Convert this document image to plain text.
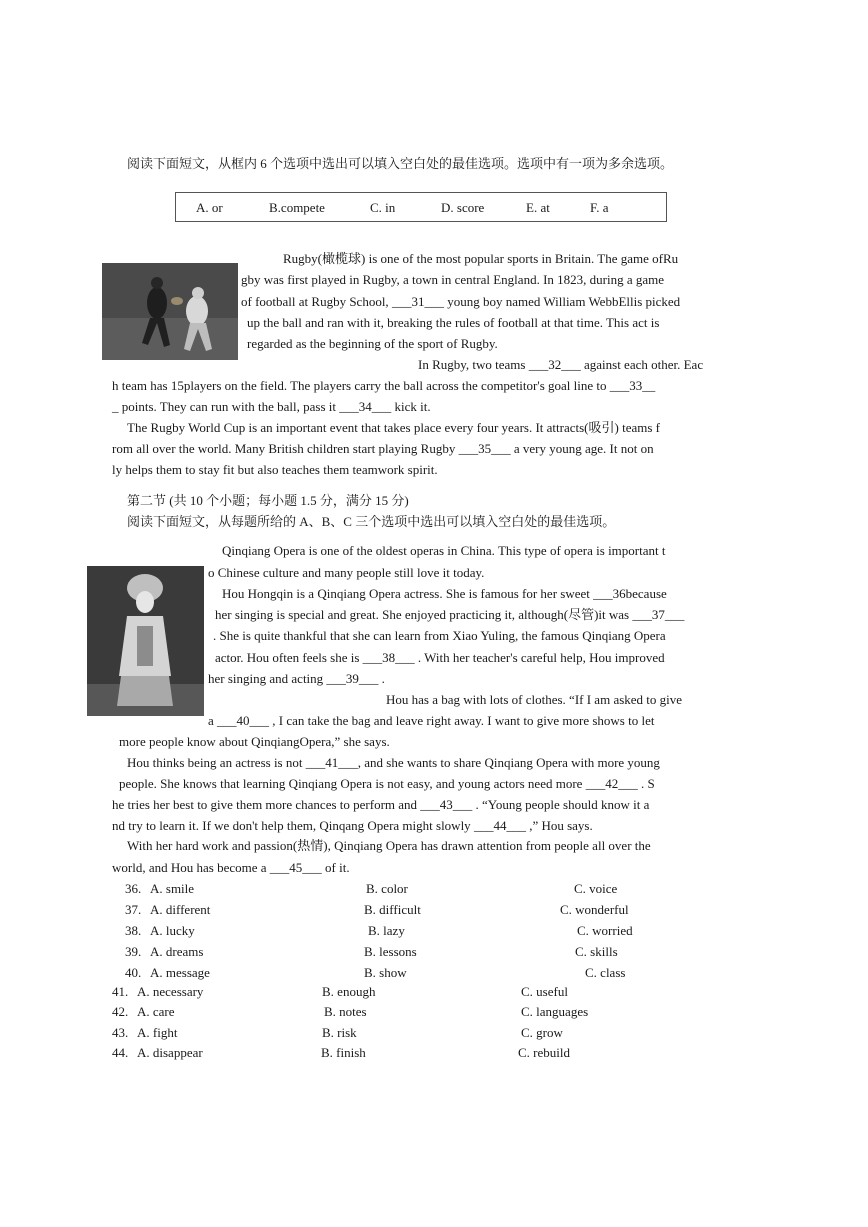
阅读下面短文，从框内 6 个选项中选出可以填入空白处的最佳选项。选项中有一项为多余选项。
A. or	B.compete	C. in	D. score	E. at	F. a
Rugby(橄榄球) is one of the most popular sports in Britain. The game ofRu
gby was first played in Rugby, a town in central England. In 1823, during a game
of football at Rugby School, ___31___ young boy named William WebbEllis picked
up the ball and ran with it, breaking the rules of football at that time. This act is
regarded as the beginning of the sport of Rugby.
In Rugby, two teams ___32___ against each other. Eac
h team has 15players on the field. The players carry the ball across the competitor's goal line to ___33__
_ points. They can run with the ball, pass it ___34___ kick it.
The Rugby World Cup is an important event that takes place every four years. It attracts(吸引) teams f
rom all over the world. Many British children start playing Rugby ___35___ a very young age. It not on
ly helps them to stay fit but also teaches them teamwork spirit.
第二节 (共 10 个小题；每小题 1.5 分，满分 15 分)
阅读下面短文，从每题所给的 A、B、C 三个选项中选出可以填入空白处的最佳选项。
Qinqiang Opera is one of the oldest operas in China. This type of opera is important t
o Chinese culture and many people still love it today.
Hou Hongqin is a Qinqiang Opera actress. She is famous for her sweet ___36because
her singing is special and great. She enjoyed practicing it, although(尽管)it was ___37___
. She is quite thankful that she can learn from Xiao Yuling, the famous Qinqiang Opera
actor. Hou often feels she is ___38___ . With her teacher's careful help, Hou improved
her singing and acting ___39___ .
Hou has a bag with lots of clothes. “If I am asked to give
a ___40___ , I can take the bag and leave right away. I want to give more shows to let
more people know about QinqiangOpera,” she says.
Hou thinks being an actress is not ___41___, and she wants to share Qinqiang Opera with more young
people. She knows that learning Qinqiang Opera is not easy, and young actors need more ___42___ . S
he tries her best to give them more chances to perform and ___43___ . “Young people should know it a
nd try to learn it. If we don't help them, Qinqang Opera might slowly ___44___ ,” Hou says.
With her hard work and passion(热情), Qinqiang Opera has drawn attention from people all over the
world, and Hou has become a ___45___ of it.
36. A. smile	B. color	C. voice
37. A. different	B. difficult	C. wonderful
38. A. lucky	B. lazy	C. worried
39. A. dreams	B. lessons	C. skills
40. A. message	B. show	C. class
41. A. necessary	B. enough	C. useful
42. A. care	B. notes	C. languages
43. A. fight	B. risk	C. grow
44. A. disappear	B. finish	C. rebuild
